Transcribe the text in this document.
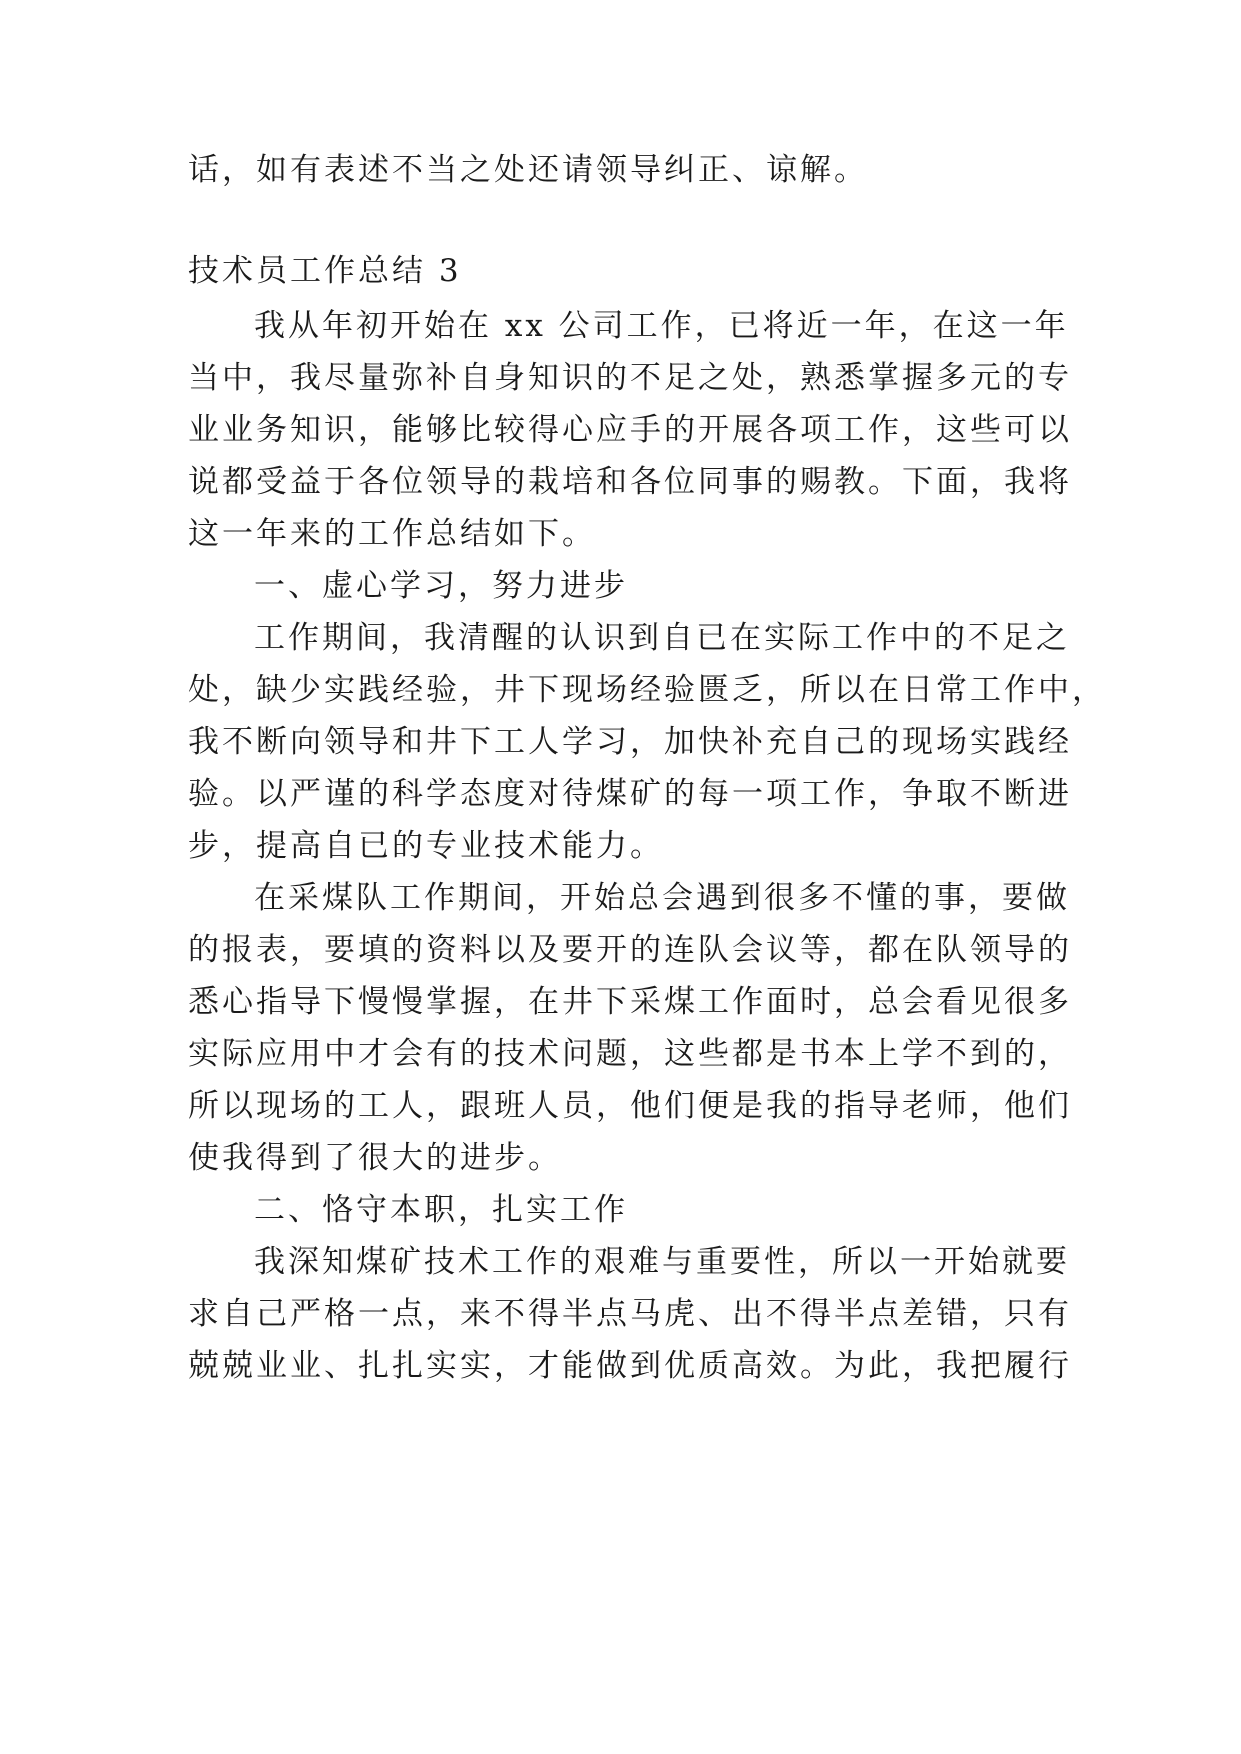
话，如有表述不当之处还请领导纠正、谅解。
技术员工作总结 3
我从年初开始在 xx 公司工作，已将近一年，在这一年
当中，我尽量弥补自身知识的不足之处，熟悉掌握多元的专
业业务知识，能够比较得心应手的开展各项工作，这些可以
说都受益于各位领导的栽培和各位同事的赐教。下面，我将
这一年来的工作总结如下。
一、虚心学习，努力进步
工作期间，我清醒的认识到自已在实际工作中的不足之
处，缺少实践经验，井下现场经验匮乏，所以在日常工作中，
我不断向领导和井下工人学习，加快补充自己的现场实践经
验。以严谨的科学态度对待煤矿的每一项工作，争取不断进
步，提高自已的专业技术能力。
在采煤队工作期间，开始总会遇到很多不懂的事，要做
的报表，要填的资料以及要开的连队会议等，都在队领导的
悉心指导下慢慢掌握，在井下采煤工作面时，总会看见很多
实际应用中才会有的技术问题，这些都是书本上学不到的，
所以现场的工人，跟班人员，他们便是我的指导老师，他们
使我得到了很大的进步。
二、恪守本职，扎实工作
我深知煤矿技术工作的艰难与重要性，所以一开始就要
求自己严格一点，来不得半点马虎、出不得半点差错，只有
兢兢业业、扎扎实实，才能做到优质高效。为此，我把履行
